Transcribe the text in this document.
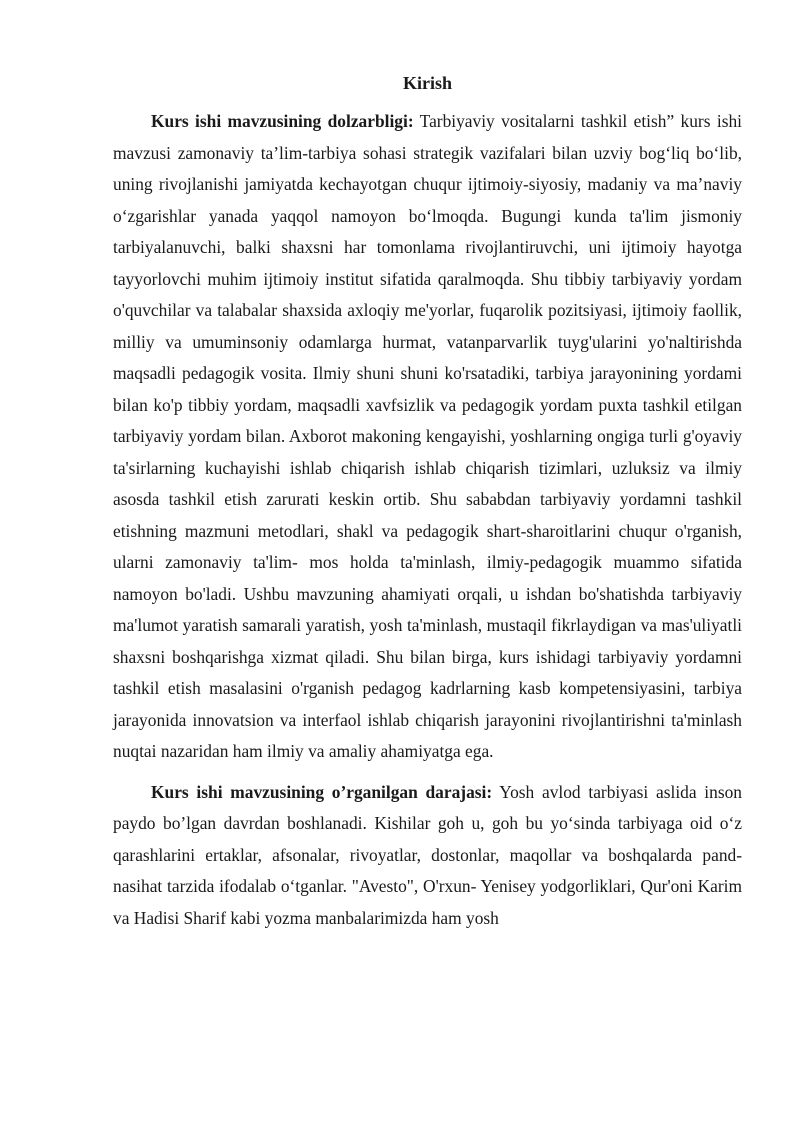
Kirish

Kurs ishi mavzusining dolzarbligi: Tarbiyaviy vositalarni tashkil etish” kurs ishi mavzusi zamonaviy ta’lim-tarbiya sohasi strategik vazifalari bilan uzviy bog‘liq bo‘lib, uning rivojlanishi jamiyatda kechayotgan chuqur ijtimoiy-siyosiy, madaniy va ma’naviy o‘zgarishlar yanada yaqqol namoyon bo‘lmoqda. Bugungi kunda ta'lim jismoniy tarbiyalanuvchi, balki shaxsni har tomonlama rivojlantiruvchi, uni ijtimoiy hayotga tayyorlovchi muhim ijtimoiy institut sifatida qaralmoqda. Shu tibbiy tarbiyaviy yordam o'quvchilar va talabalar shaxsida axloqiy me'yorlar, fuqarolik pozitsiyasi, ijtimoiy faollik, milliy va umuminsoniy odamlarga hurmat, vatanparvarlik tuyg'ularini yo'naltirishda maqsadli pedagogik vosita. Ilmiy shuni shuni ko'rsatadiki, tarbiya jarayonining yordami bilan ko'p tibbiy yordam, maqsadli xavfsizlik va pedagogik yordam puxta tashkil etilgan tarbiyaviy yordam bilan. Axborot makoning kengayishi, yoshlarning ongiga turli g'oyaviy ta'sirlarning kuchayishi ishlab chiqarish ishlab chiqarish tizimlari, uzluksiz va ilmiy asosda tashkil etish zarurati keskin ortib. Shu sababdan tarbiyaviy yordamni tashkil etishning mazmuni metodlari, shakl va pedagogik shart-sharoitlarini chuqur o'rganish, ularni zamonaviy ta'lim- mos holda ta'minlash, ilmiy-pedagogik muammo sifatida namoyon bo'ladi. Ushbu mavzuning ahamiyati orqali, u ishdan bo'shatishda tarbiyaviy ma'lumot yaratish samarali yaratish, yosh ta'minlash, mustaqil fikrlaydigan va mas'uliyatli shaxsni boshqarishga xizmat qiladi. Shu bilan birga, kurs ishidagi tarbiyaviy yordamni tashkil etish masalasini o'rganish pedagog kadrlarning kasb kompetensiyasini, tarbiya jarayonida innovatsion va interfaol ishlab chiqarish jarayonini rivojlantirishni ta'minlash nuqtai nazaridan ham ilmiy va amaliy ahamiyatga ega.

Kurs ishi mavzusining o’rganilgan darajasi: Yosh avlod tarbiyasi aslida inson paydo bo’lgan davrdan boshlanadi. Kishilar goh u, goh bu yo‘sinda tarbiyaga oid o‘z qarashlarini ertaklar, afsonalar, rivoyatlar, dostonlar, maqollar va boshqalarda pand- nasihat tarzida ifodalab o‘tganlar. "Avesto", O'rxun- Yenisey yodgorliklari, Qur'oni Karim va Hadisi Sharif kabi yozma manbalarimizda ham yosh
